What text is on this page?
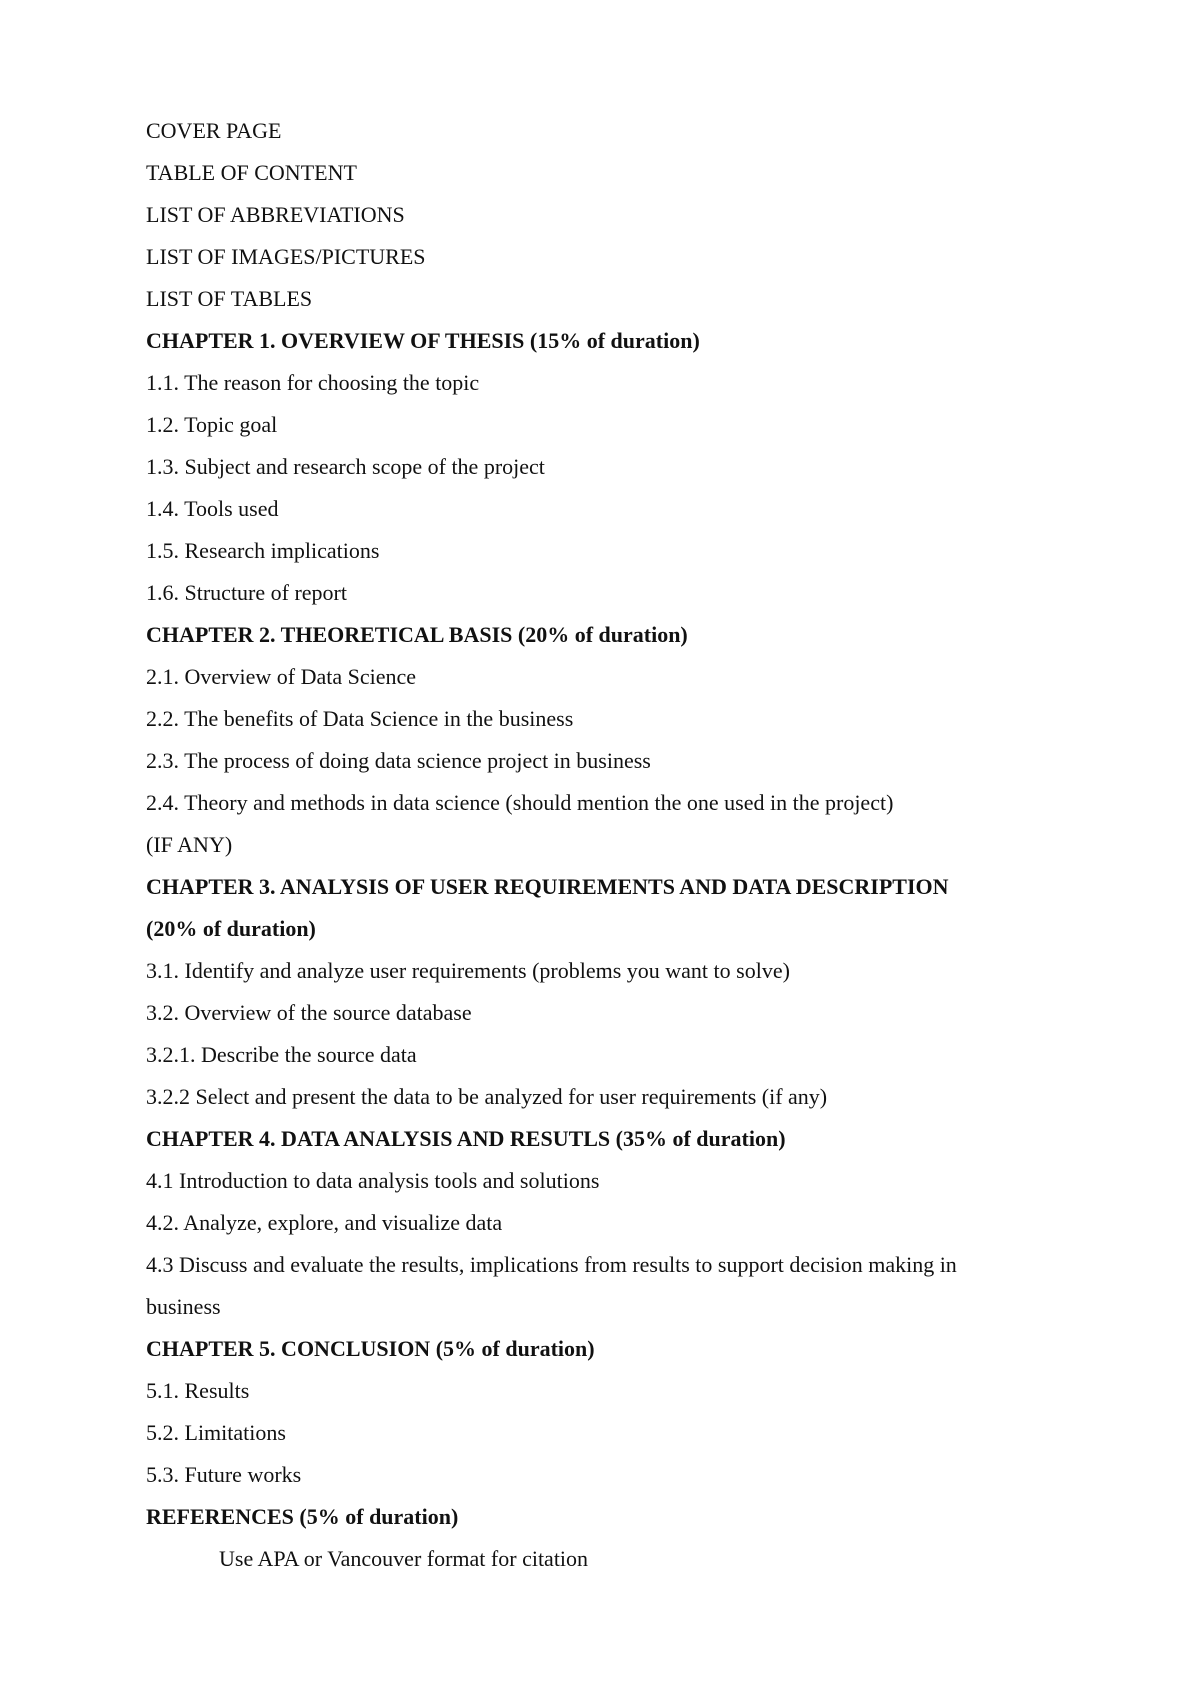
COVER PAGE

TABLE OF CONTENT

LIST OF ABBREVIATIONS

LIST OF IMAGES/PICTURES

LIST OF TABLES

CHAPTER 1. OVERVIEW OF THESIS (15% of duration)

1.1. The reason for choosing the topic

1.2. Topic goal

1.3. Subject and research scope of the project

1.4. Tools used

1.5. Research implications

1.6. Structure of report

CHAPTER 2. THEORETICAL BASIS (20% of duration)

2.1. Overview of Data Science

2.2. The benefits of Data Science in the business

2.3. The process of doing data science project in business

2.4. Theory and methods in data science (should mention the one used in the project)

(IF ANY)

CHAPTER 3. ANALYSIS OF USER REQUIREMENTS AND DATA DESCRIPTION

(20% of duration)

3.1. Identify and analyze user requirements (problems you want to solve)

3.2. Overview of the source database

3.2.1. Describe the source data

3.2.2 Select and present the data to be analyzed for user requirements (if any)

CHAPTER 4. DATA ANALYSIS AND RESUTLS (35% of duration)

4.1 Introduction to data analysis tools and solutions

4.2. Analyze, explore, and visualize data

4.3 Discuss and evaluate the results, implications from results to support decision making in

business

CHAPTER 5. CONCLUSION (5% of duration)

5.1. Results

5.2. Limitations

5.3. Future works

REFERENCES (5% of duration)

Use APA or Vancouver format for citation
